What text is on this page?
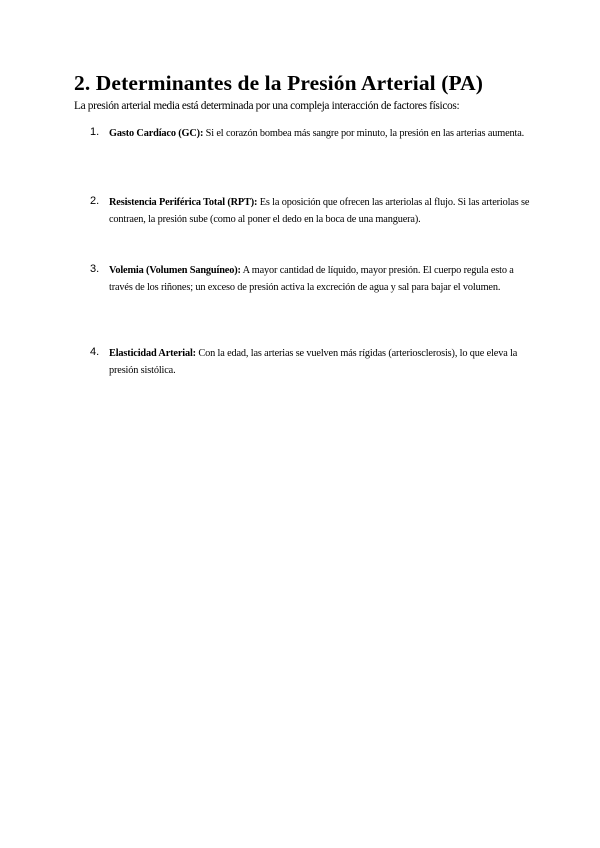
2. Determinantes de la Presión Arterial (PA)

La presión arterial media está determinada por una compleja interacción de factores físicos:

1. Gasto Cardíaco (GC): Si el corazón bombea más sangre por minuto, la presión en las arterias aumenta.

2. Resistencia Periférica Total (RPT): Es la oposición que ofrecen las arteriolas al flujo. Si las arteriolas se contraen, la presión sube (como al poner el dedo en la boca de una manguera).

3. Volemia (Volumen Sanguíneo): A mayor cantidad de líquido, mayor presión. El cuerpo regula esto a través de los riñones; un exceso de presión activa la excreción de agua y sal para bajar el volumen.

4. Elasticidad Arterial: Con la edad, las arterias se vuelven más rígidas (arteriosclerosis), lo que eleva la presión sistólica.
